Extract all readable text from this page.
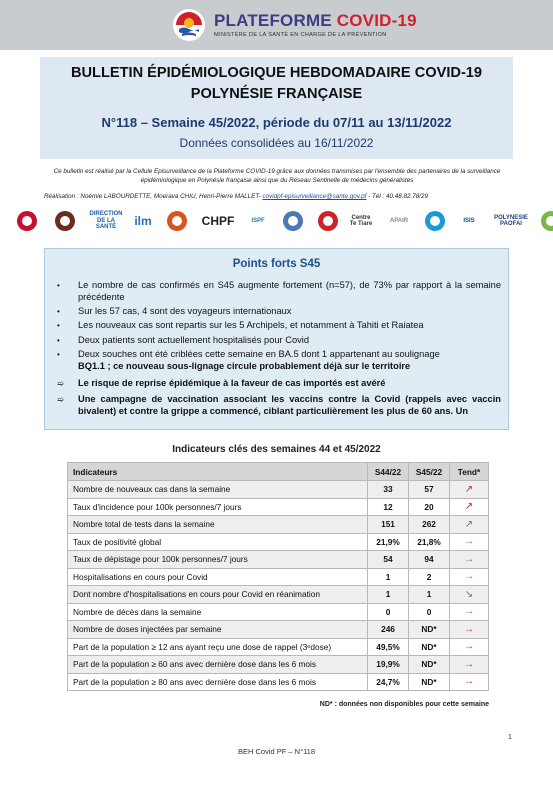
PLATEFORME COVID-19
MINISTÈRE DE LA SANTÉ EN CHARGE DE LA PRÉVENTION
BULLETIN ÉPIDÉMIOLOGIQUE HEBDOMADAIRE COVID-19
POLYNÉSIE FRANÇAISE
N°118 – Semaine 45/2022, période du 07/11 au 13/11/2022
Données consolidées au 16/11/2022
Ce bulletin est réalisé par la Cellule Episurveillance de la Plateforme COVID-19 grâce aux données transmises par l'ensemble des partenaires de la surveillance épidémiologique en Polynésie française ainsi que du Réseau Sentinelle de médecins généralistes
Réalisation : Noémie LABOURDETTE, Moerava CHIU, Henri-Pierre MALLET- covidpf-episurveillance@sante.gov.pf - Tél : 40.48.82.78/29
DIRECTION DE LA SANTÉ	ilm	CHPF	ISPF
Centre Te Tiare
APAIR	ISIS
POLYNESIE PAOFAI
Points forts S45
•	Le nombre de cas confirmés en S45 augmente fortement (n=57), de 73% par rapport à la semaine précédente
•	Sur les 57 cas, 4 sont des voyageurs internationaux
•	Les nouveaux cas sont repartis sur les 5 Archipels, et notamment à Tahiti et Raiatea
•	Deux patients sont actuellement hospitalisés pour Covid
•	Deux souches ont été criblées cette semaine en BA.5 dont 1 appartenant au soulignage
BQ1.1 ; ce nouveau sous-lignage circule probablement déjà sur le territoire
➯	Le risque de reprise épidémique à la faveur de cas importés est avéré
➯	Une campagne de vaccination associant les vaccins contre la Covid (rappels avec vaccin bivalent) et contre la grippe a commencé, ciblant particulièrement les plus de 60 ans. Un
Indicateurs clés des semaines 44 et 45/2022
Indicateurs	S44/22	S45/22	Tend*
Nombre de nouveaux cas dans la semaine	33	57	↗
Taux d'incidence pour 100k personnes/7 jours	12	20	↗
Nombre total de tests dans la semaine	151	262	↗
Taux de positivité global	21,9%	21,8%	→
Taux de dépistage pour 100k personnes/7 jours	54	94	→
Hospitalisations en cours pour Covid	1	2	→
Dont nombre d'hospitalisations en cours pour Covid en réanimation	1	1	↘
Nombre de décès dans la semaine	0	0	→
Nombre de doses injectées par semaine	246	ND*	→
Part de la population ≥ 12 ans ayant reçu une dose de rappel (3ᵉdose)	49,5%	ND*	→
Part de la population ≥ 60 ans avec dernière dose dans les 6 mois	19,9%	ND*	→
Part de la population ≥ 80 ans avec dernière dose dans les 6 mois	24,7%	ND*	→
ND* : données non disponibles pour cette semaine
1
BEH Covid PF – N°118
